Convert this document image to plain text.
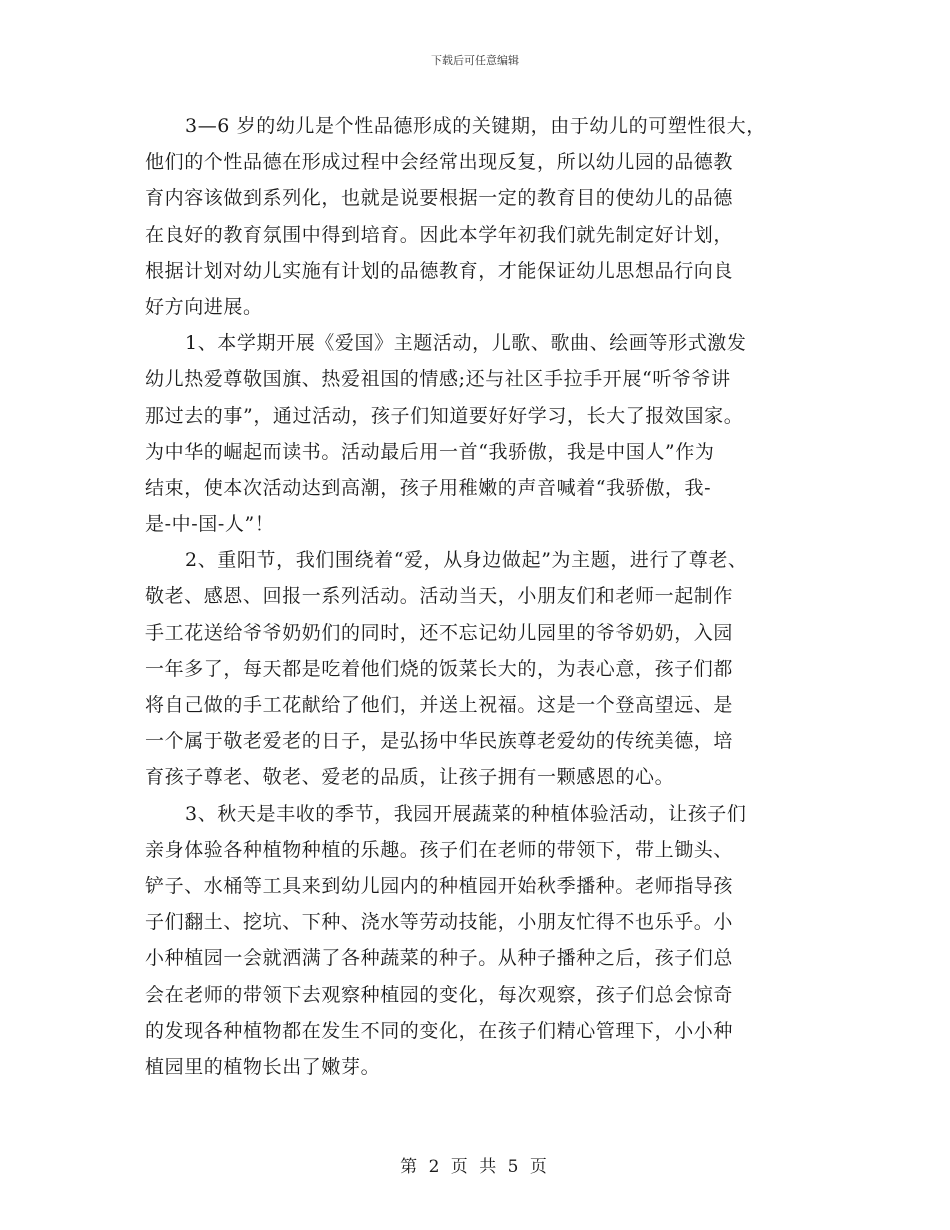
下载后可任意编辑
3—6 岁的幼儿是个性品德形成的关键期，由于幼儿的可塑性很大，
他们的个性品德在形成过程中会经常出现反复，所以幼儿园的品德教
育内容该做到系列化，也就是说要根据一定的教育目的使幼儿的品德
在良好的教育氛围中得到培育。因此本学年初我们就先制定好计划，
根据计划对幼儿实施有计划的品德教育，才能保证幼儿思想品行向良
好方向进展。
1、本学期开展《爱国》主题活动，儿歌、歌曲、绘画等形式激发
幼儿热爱尊敬国旗、热爱祖国的情感;还与社区手拉手开展“听爷爷讲
那过去的事”，通过活动，孩子们知道要好好学习，长大了报效国家。
为中华的崛起而读书。活动最后用一首“我骄傲，我是中国人”作为
结束，使本次活动达到高潮，孩子用稚嫩的声音喊着“我骄傲，我-
是-中-国-人”！
2、重阳节，我们围绕着“爱，从身边做起”为主题，进行了尊老、
敬老、感恩、回报一系列活动。活动当天，小朋友们和老师一起制作
手工花送给爷爷奶奶们的同时，还不忘记幼儿园里的爷爷奶奶，入园
一年多了，每天都是吃着他们烧的饭菜长大的，为表心意，孩子们都
将自己做的手工花献给了他们，并送上祝福。这是一个登高望远、是
一个属于敬老爱老的日子，是弘扬中华民族尊老爱幼的传统美德，培
育孩子尊老、敬老、爱老的品质，让孩子拥有一颗感恩的心。
3、秋天是丰收的季节，我园开展蔬菜的种植体验活动，让孩子们
亲身体验各种植物种植的乐趣。孩子们在老师的带领下，带上锄头、
铲子、水桶等工具来到幼儿园内的种植园开始秋季播种。老师指导孩
子们翻土、挖坑、下种、浇水等劳动技能，小朋友忙得不也乐乎。小
小种植园一会就洒满了各种蔬菜的种子。从种子播种之后，孩子们总
会在老师的带领下去观察种植园的变化，每次观察，孩子们总会惊奇
的发现各种植物都在发生不同的变化，在孩子们精心管理下，小小种
植园里的植物长出了嫩芽。
第 2 页 共 5 页
